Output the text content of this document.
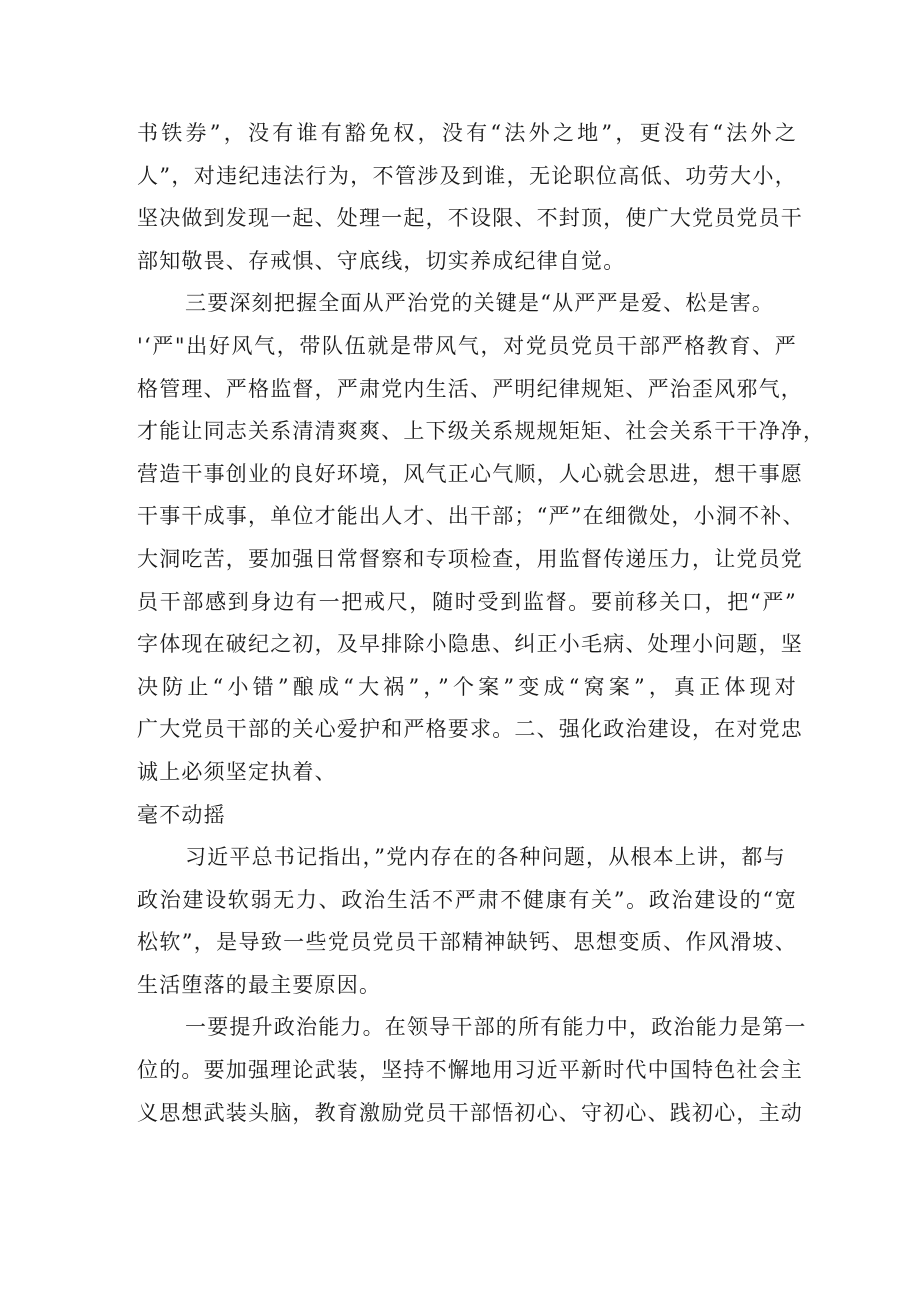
书铁券”，没有谁有豁免权，没有“法外之地”，更没有“法外之
人”，对违纪违法行为，不管涉及到谁，无论职位高低、功劳大小，
坚决做到发现一起、处理一起，不设限、不封顶，使广大党员党员干
部知敬畏、存戒惧、守底线，切实养成纪律自觉。
三要深刻把握全面从严治党的关键是“从严严是爱、松是害。
'‘严"出好风气，带队伍就是带风气，对党员党员干部严格教育、严
格管理、严格监督，严肃党内生活、严明纪律规矩、严治歪风邪气，
才能让同志关系清清爽爽、上下级关系规规矩矩、社会关系干干净净，
营造干事创业的良好环境，风气正心气顺，人心就会思进，想干事愿
干事干成事，单位才能出人才、出干部；“严”在细微处，小洞不补、
大洞吃苦，要加强日常督察和专项检查，用监督传递压力，让党员党
员干部感到身边有一把戒尺，随时受到监督。要前移关口，把“严”
字体现在破纪之初，及早排除小隐患、纠正小毛病、处理小问题，坚
决防止“小错”酿成“大祸”，”个案”变成“窝案”，真正体现对
广大党员干部的关心爱护和严格要求。二、强化政治建设，在对党忠
诚上必须坚定执着、
毫不动摇
习近平总书记指出，”党内存在的各种问题，从根本上讲，都与
政治建设软弱无力、政治生活不严肃不健康有关”。政治建设的“宽
松软”，是导致一些党员党员干部精神缺钙、思想变质、作风滑坡、
生活堕落的最主要原因。
一要提升政治能力。在领导干部的所有能力中，政治能力是第一
位的。要加强理论武装，坚持不懈地用习近平新时代中国特色社会主
义思想武装头脑，教育激励党员干部悟初心、守初心、践初心，主动
